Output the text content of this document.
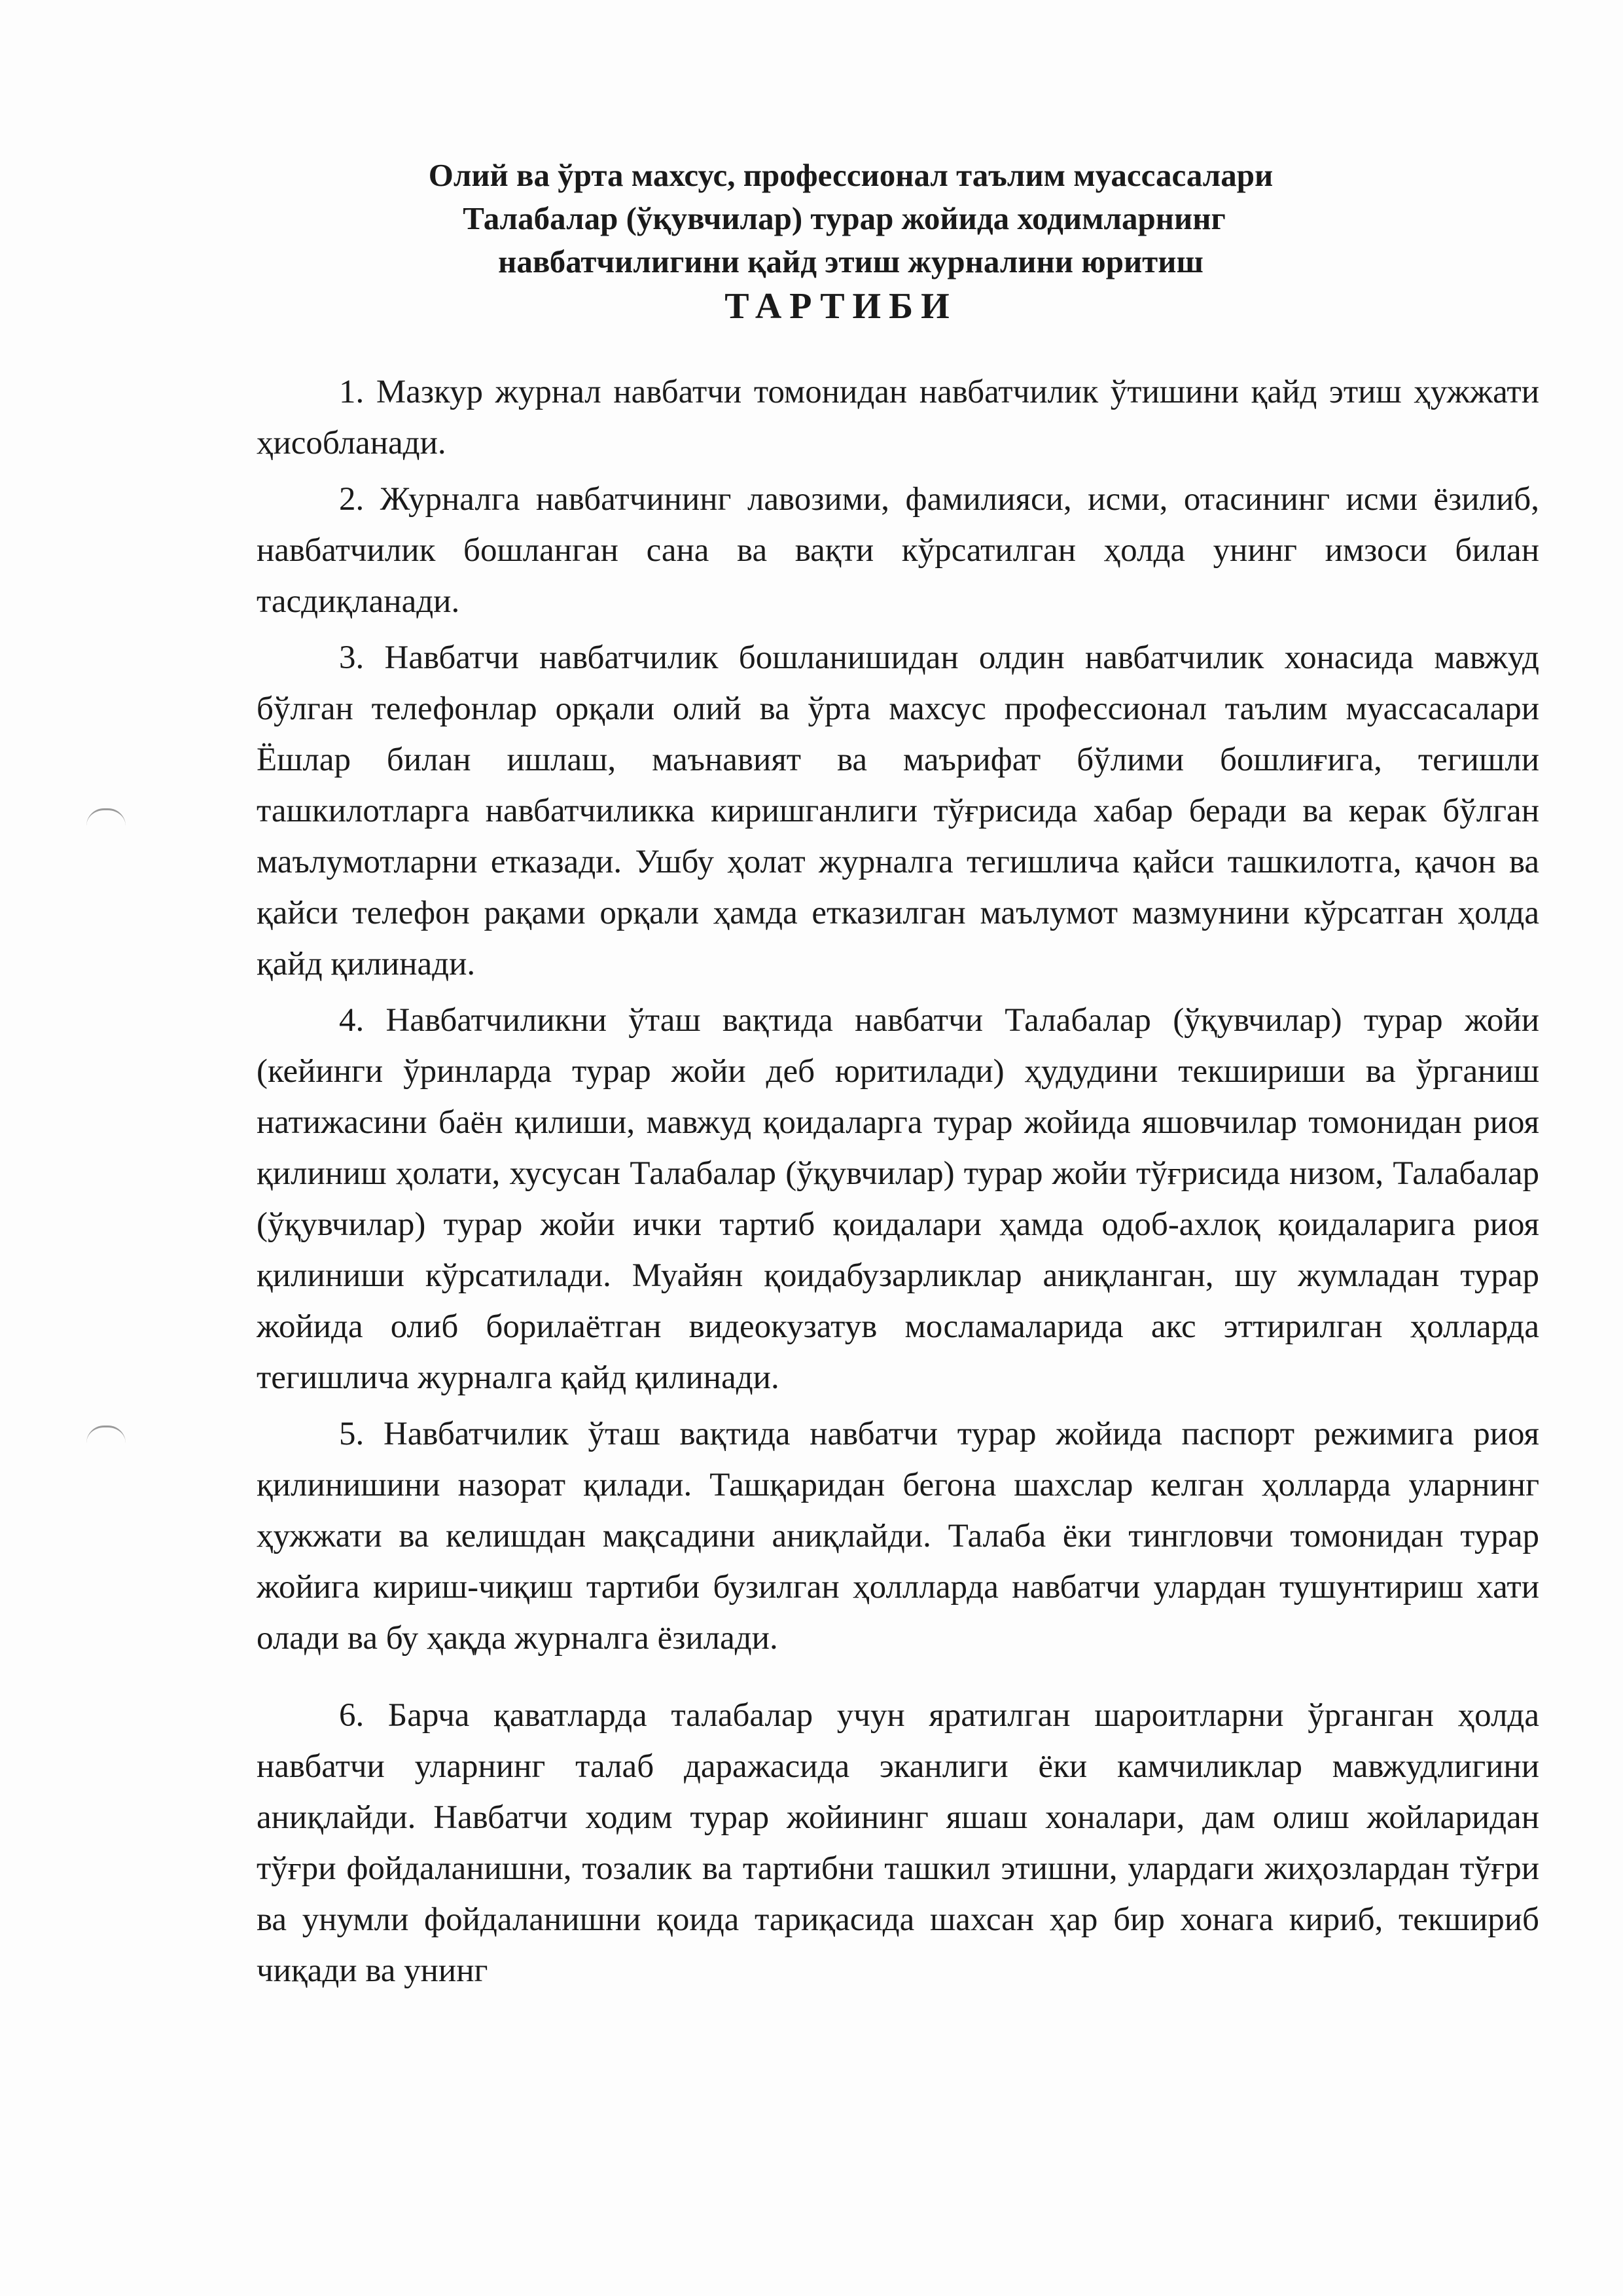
Олий ва ўрта махсус, профессионал таълим муассасалари
Талабалар (ўқувчилар) турар жойида ходимларнинг
навбатчилигини қайд этиш журналини юритиш
ТАРТИБИ

1. Мазкур журнал навбатчи томонидан навбатчилик ўтишини қайд этиш ҳужжати ҳисобланади.

2. Журналга навбатчининг лавозими, фамилияси, исми, отасининг исми ёзилиб, навбатчилик бошланган сана ва вақти кўрсатилган ҳолда унинг имзоси билан тасдиқланади.

3. Навбатчи навбатчилик бошланишидан олдин навбатчилик хонасида мавжуд бўлган телефонлар орқали олий ва ўрта махсус профессионал таълим муассасалари Ёшлар билан ишлаш, маънавият ва маърифат бўлими бошлиғига, тегишли ташкилотларга навбатчиликка киришганлиги тўғрисида хабар беради ва керак бўлган маълумотларни етказади. Ушбу ҳолат журналга тегишлича қайси ташкилотга, қачон ва қайси телефон рақами орқали ҳамда етказилган маълумот мазмунини кўрсатган ҳолда қайд қилинади.

4. Навбатчиликни ўташ вақтида навбатчи Талабалар (ўқувчилар) турар жойи (кейинги ўринларда турар жойи деб юритилади) ҳудудини текшириши ва ўрганиш натижасини баён қилиши, мавжуд қоидаларга турар жойида яшовчилар томонидан риоя қилиниш ҳолати, хусусан Талабалар (ўқувчилар) турар жойи тўғрисида низом, Талабалар (ўқувчилар) турар жойи ички тартиб қоидалари ҳамда одоб-ахлоқ қоидаларига риоя қилиниши кўрсатилади. Муайян қоидабузарликлар аниқланган, шу жумладан турар жойида олиб борилаётган видеокузатув мосламаларида акс эттирилган ҳолларда тегишлича журналга қайд қилинади.

5. Навбатчилик ўташ вақтида навбатчи турар жойида паспорт режимига риоя қилинишини назорат қилади. Ташқаридан бегона шахслар келган ҳолларда уларнинг ҳужжати ва келишдан мақсадини аниқлайди. Талаба ёки тингловчи томонидан турар жойига кириш-чиқиш тартиби бузилган ҳоллларда навбатчи улардан тушунтириш хати олади ва бу ҳақда журналга ёзилади.

6. Барча қаватларда талабалар учун яратилган шароитларни ўрганган ҳолда навбатчи уларнинг талаб даражасида эканлиги ёки камчиликлар мавжудлигини аниқлайди. Навбатчи ходим турар жойининг яшаш хоналари, дам олиш жойларидан тўғри фойдаланишни, тозалик ва тартибни ташкил этишни, улардаги жиҳозлардан тўғри ва унумли фойдаланишни қоида тариқасида шахсан ҳар бир хонага кириб, текшириб чиқади ва унинг
